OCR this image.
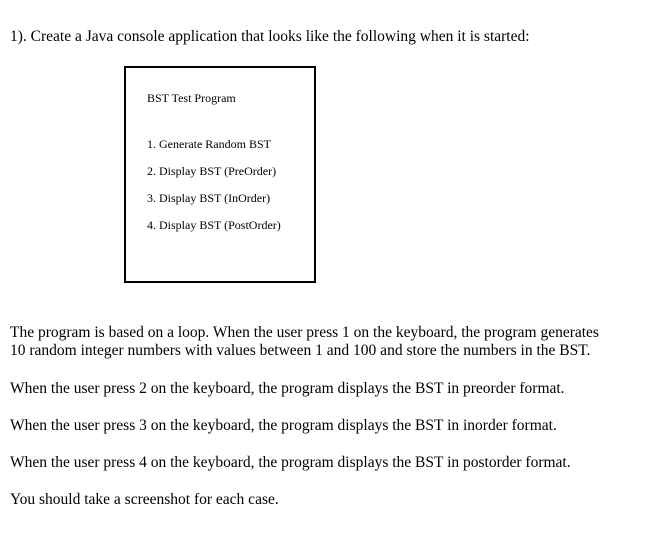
1). Create a Java console application that looks like the following when it is started:
BST Test Program
1. Generate Random BST
2. Display BST (PreOrder)
3. Display BST (InOrder)
4. Display BST (PostOrder)
The program is based on a loop. When the user press 1 on the keyboard, the program generates
10 random integer numbers with values between 1 and 100 and store the numbers in the BST.
When the user press 2 on the keyboard, the program displays the BST in preorder format.
When the user press 3 on the keyboard, the program displays the BST in inorder format.
When the user press 4 on the keyboard, the program displays the BST in postorder format.
You should take a screenshot for each case.
